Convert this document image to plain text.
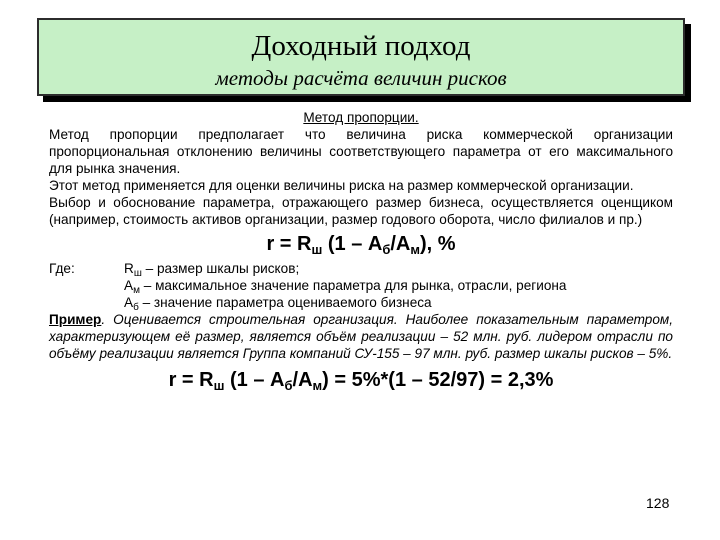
Доходный подход
методы расчёта величин рисков
Метод пропорции.
Метод пропорции предполагает что величина риска коммерческой организации пропорциональная отклонению величины соответствующего параметра от его максимального для рынка значения.
Этот метод применяется для оценки величины риска на размер коммерческой организации.
Выбор и обоснование параметра, отражающего размер бизнеса, осуществляется оценщиком (например, стоимость активов организации, размер годового оборота, число филиалов и пр.)
$r = R_ш$ $(1 - A_б/A_м)$, %
Где:	$R_ш$ – размер шкалы рисков;
$A_м$ – максимальное значение параметра для рынка, отрасли, региона
$A_б$ – значение параметра оцениваемого бизнеса
Пример. Оценивается строительная организация. Наиболее показательным параметром, характеризующем её размер, является объём реализации – 52 млн. руб. лидером отрасли по объёму реализации является Группа компаний СУ-155 – 97 млн. руб. размер шкалы рисков – 5%.
$r = R_ш$ $(1 - A_б/A_м) = 5\%*(1 - 52/97) = 2,3\%$
128
